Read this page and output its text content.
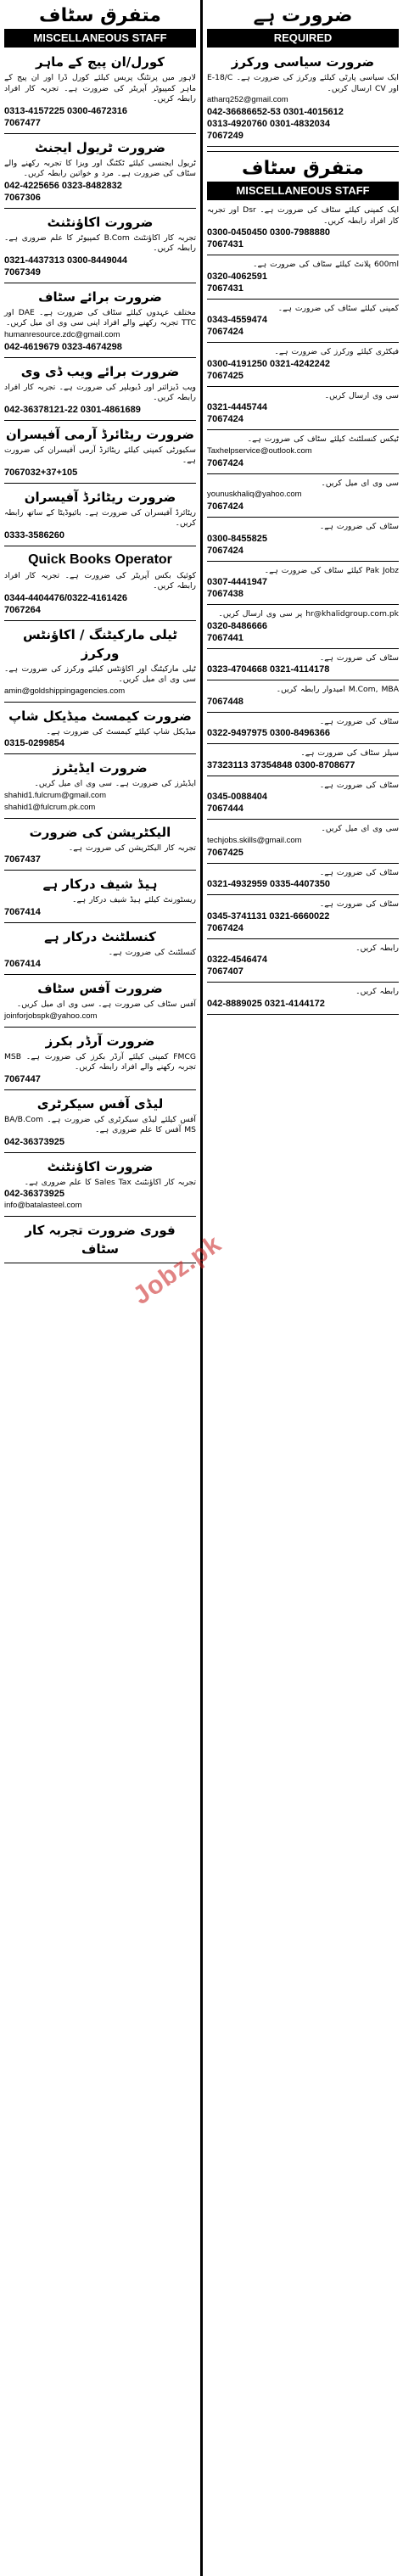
متفرق سٹاف
MISCELLANEOUS STAFF
کورل/ان پیج کے ماہر
لاہور میں پرنٹنگ پریس کیلئے کورل ڈرا اور ان پیج کے ماہر کمپیوٹر آپریٹر کی ضرورت ہے۔ تجربہ کار افراد رابطہ کریں۔
0313-4157225 0300-4672316
7067477
ضرورت ٹریول ایجنٹ
ٹریول ایجنسی کیلئے ٹکٹنگ اور ویزا کا تجربہ رکھنے والے سٹاف کی ضرورت ہے۔ مرد و خواتین رابطہ کریں۔
042-4225656 0323-8482832
7067306
ضرورت اکاؤنٹنٹ
تجربہ کار اکاؤنٹنٹ B.Com کمپیوٹر کا علم ضروری ہے۔ رابطہ کریں۔
0321-4437313 0300-8449044
7067349
ضرورت برائے سٹاف
مختلف عہدوں کیلئے سٹاف کی ضرورت ہے۔ DAE اور TTC تجربہ رکھنے والے افراد اپنی سی وی ای میل کریں۔
humanresource.zdc@gmail.com
042-4619679 0323-4674298
ضرورت برائے ویب ڈی وی
ویب ڈیزائنر اور ڈیویلپر کی ضرورت ہے۔ تجربہ کار افراد رابطہ کریں۔
042-36378121-22 0301-4861689
ضرورت ریٹائرڈ آرمی آفیسران
سکیورٹی کمپنی کیلئے ریٹائرڈ آرمی آفیسران کی ضرورت ہے۔
7067032+37+105
ضرورت ریٹائرڈ آفیسران
ریٹائرڈ آفیسران کی ضرورت ہے۔ بائیوڈیٹا کے ساتھ رابطہ کریں۔
0333-3586260
Quick Books Operator
کوئیک بکس آپریٹر کی ضرورت ہے۔ تجربہ کار افراد رابطہ کریں۔
0344-4404476/0322-4161426
7067264
ٹیلی مارکیٹنگ / اکاؤنٹس ورکرز
ٹیلی مارکیٹنگ اور اکاؤنٹس کیلئے ورکرز کی ضرورت ہے۔ سی وی ای میل کریں۔
amin@goldshippingagencies.com
ضرورت کیمسٹ میڈیکل شاپ
میڈیکل شاپ کیلئے کیمسٹ کی ضرورت ہے۔
0315-0299854
ضرورت ایڈیٹرز
ایڈیٹرز کی ضرورت ہے۔ سی وی ای میل کریں۔
shahid1.fulcrum@gmail.com
shahid1@fulcrum.pk.com
الیکٹریشن کی ضرورت
تجربہ کار الیکٹریشن کی ضرورت ہے۔
7067437
ہیڈ شیف درکار ہے
ریسٹورنٹ کیلئے ہیڈ شیف درکار ہے۔
7067414
کنسلٹنٹ درکار ہے
کنسلٹنٹ کی ضرورت ہے۔
7067414
ضرورت آفس سٹاف
آفس سٹاف کی ضرورت ہے۔ سی وی ای میل کریں۔
joinforjobspk@yahoo.com
ضرورت آرڈر بکرز
FMCG کمپنی کیلئے آرڈر بکرز کی ضرورت ہے۔ MSB تجربہ رکھنے والے افراد رابطہ کریں۔
7067447
لیڈی آفس سیکرٹری
آفس کیلئے لیڈی سیکرٹری کی ضرورت ہے۔ BA/B.Com MS آفس کا علم ضروری ہے۔
042-36373925
ضرورت اکاؤنٹنٹ
تجربہ کار اکاؤنٹنٹ Sales Tax کا علم ضروری ہے۔
042-36373925
info@batalasteel.com
فوری ضرورت تجربہ کار سٹاف
ضرورت ہے
REQUIRED
ضرورت سیاسی ورکرز
ایک سیاسی پارٹی کیلئے ورکرز کی ضرورت ہے۔ E-18/C اور CV ارسال کریں۔
atharq252@gmail.com
042-36686652-53 0301-4015612
0313-4920760 0301-4832034
7067249
متفرق سٹاف
MISCELLANEOUS STAFF
ایک کمپنی کیلئے سٹاف کی ضرورت ہے۔ Dsr اور تجربہ کار افراد رابطہ کریں۔
0300-0450450 0300-7988880
7067431
600ml پلانٹ کیلئے سٹاف کی ضرورت ہے۔
0320-4062591
7067431
کمپنی کیلئے سٹاف کی ضرورت ہے۔
0343-4559474
7067424
فیکٹری کیلئے ورکرز کی ضرورت ہے۔
0300-4191250 0321-4242242
7067425
سی وی ارسال کریں۔
0321-4445744
7067424
ٹیکس کنسلٹنٹ کیلئے سٹاف کی ضرورت ہے۔
Taxhelpservice@outlook.com
7067424
سی وی ای میل کریں۔
younuskhaliq@yahoo.com
7067424
سٹاف کی ضرورت ہے۔
0300-8455825
7067424
Pak Jobz کیلئے سٹاف کی ضرورت ہے۔
0307-4441947
7067438
hr@khalidgroup.com.pk پر سی وی ارسال کریں۔
0320-8486666
7067441
سٹاف کی ضرورت ہے۔
0323-4704668 0321-4114178
M.Com, MBA امیدوار رابطہ کریں۔
7067448
سٹاف کی ضرورت ہے۔
0322-9497975 0300-8496366
سیلز سٹاف کی ضرورت ہے۔
37323113 37354848 0300-8708677
سٹاف کی ضرورت ہے۔
0345-0088404
7067444
سی وی ای میل کریں۔
techjobs.skills@gmail.com
7067425
سٹاف کی ضرورت ہے۔
0321-4932959 0335-4407350
سٹاف کی ضرورت ہے۔
0345-3741131 0321-6660022
7067424
رابطہ کریں۔
0322-4546474
7067407
رابطہ کریں۔
042-8889025 0321-4144172
Jobz.pk
